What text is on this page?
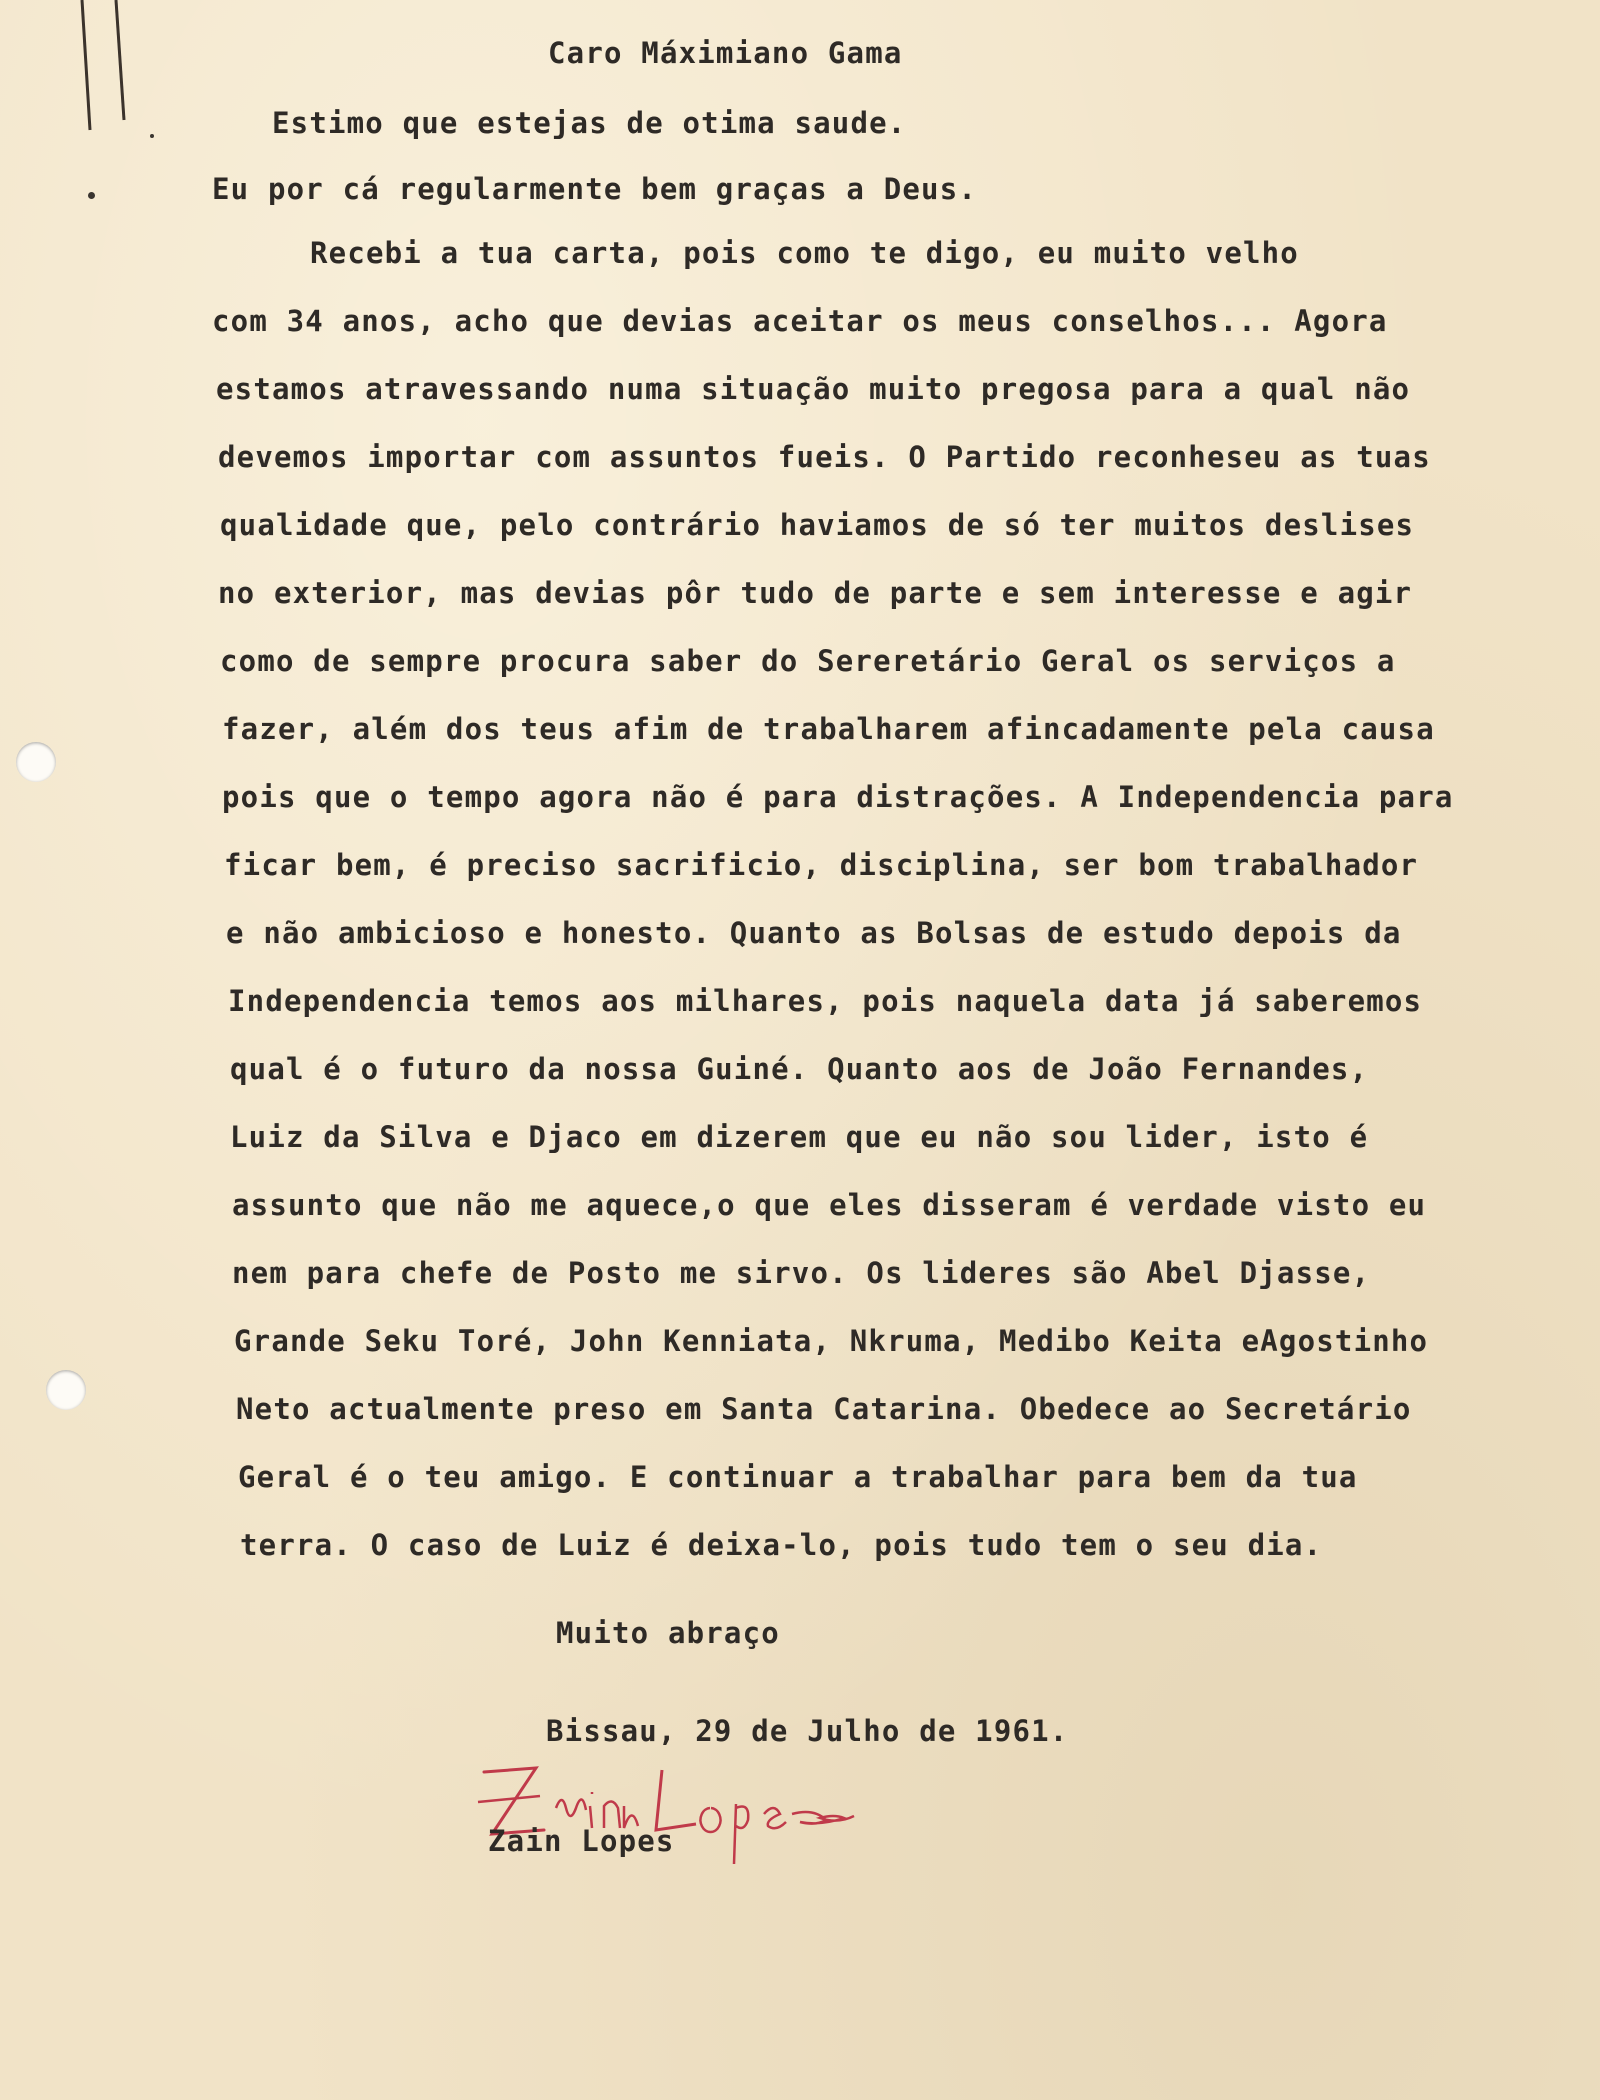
Caro Máximiano Gama
Estimo que estejas de otima saude.
Eu por cá regularmente bem graças a Deus.
Recebi a tua carta, pois como te digo, eu muito velho
com 34 anos, acho que devias aceitar os meus conselhos... Agora
estamos atravessando numa situação muito pregosa para a qual não
devemos importar com assuntos fueis. O Partido reconheseu as tuas
qualidade que, pelo contrário haviamos de só ter muitos deslises
no exterior, mas devias pôr tudo de parte e sem interesse e agir
como de sempre procura saber do Sereretário Geral os serviços a
fazer, além dos teus afim de trabalharem afincadamente pela causa
pois que o tempo agora não é para distrações. A Independencia para
ficar bem, é preciso sacrificio, disciplina, ser bom trabalhador
e não ambicioso e honesto. Quanto as Bolsas de estudo depois da
Independencia temos aos milhares, pois naquela data já saberemos
qual é o futuro da nossa Guiné. Quanto aos de João Fernandes,
Luiz da Silva e Djaco em dizerem que eu não sou lider, isto é
assunto que não me aquece,o que eles disseram é verdade visto eu
nem para chefe de Posto me sirvo. Os lideres são Abel Djasse,
Grande Seku Toré, John Kenniata, Nkruma, Medibo Keita eAgostinho
Neto actualmente preso em Santa Catarina. Obedece ao Secretário
Geral é o teu amigo. E continuar a trabalhar para bem da tua
terra. O caso de Luiz é deixa-lo, pois tudo tem o seu dia.
Muito abraço
Bissau, 29 de Julho de 1961.
Zain Lopes
